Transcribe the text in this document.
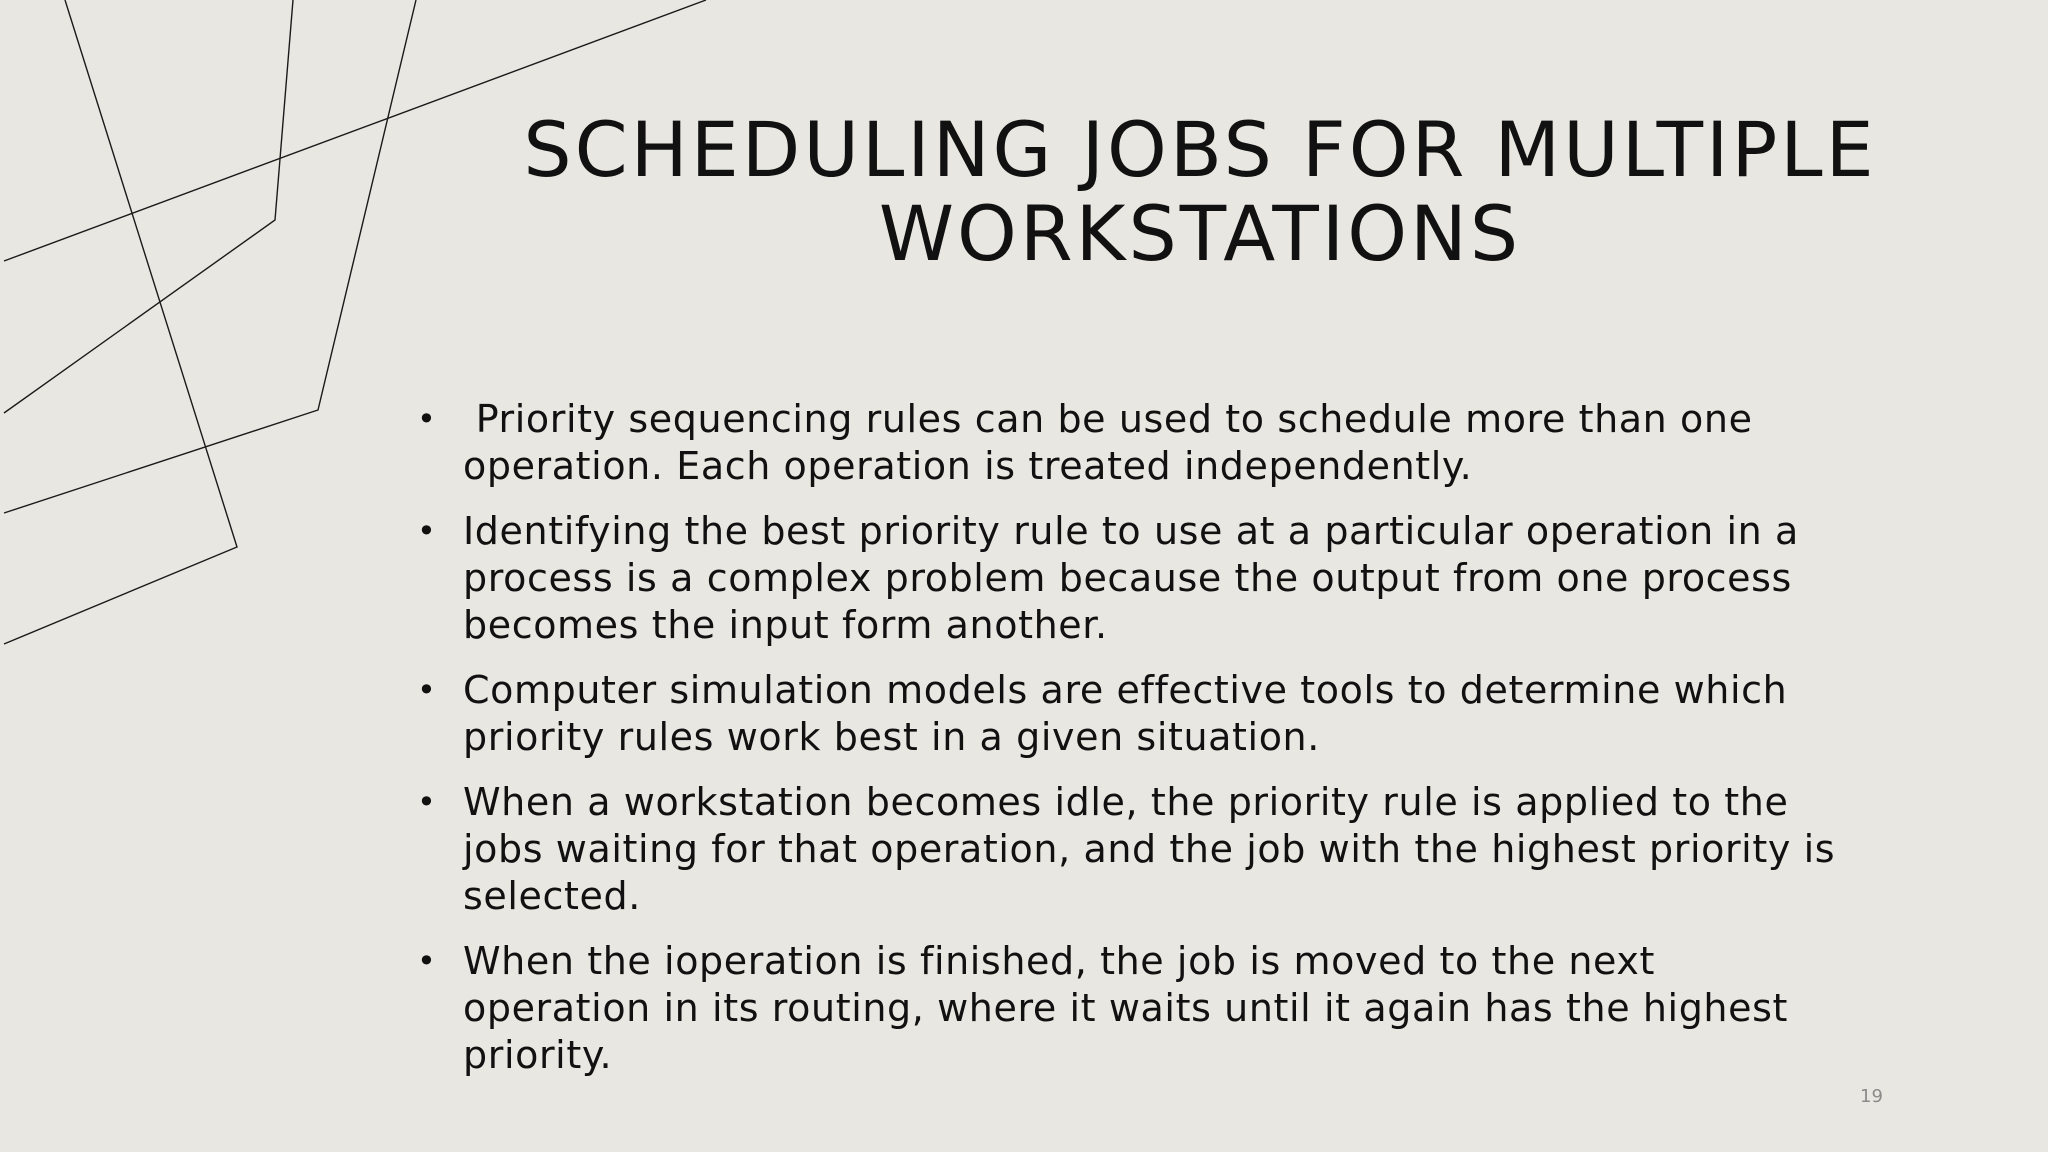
SCHEDULING JOBS FOR MULTIPLE
WORKSTATIONS
• Priority sequencing rules can be used to schedule more than one operation. Each operation is treated independently.
• Identifying the best priority rule to use at a particular operation in a process is a complex problem because the output from one process becomes the input form another.
• Computer simulation models are effective tools to determine which priority rules work best in a given situation.
• When a workstation becomes idle, the priority rule is applied to the jobs waiting for that operation, and the job with the highest priority is selected.
• When the ioperation is finished, the job is moved to the next operation in its routing, where it waits until it again has the highest priority.
19
